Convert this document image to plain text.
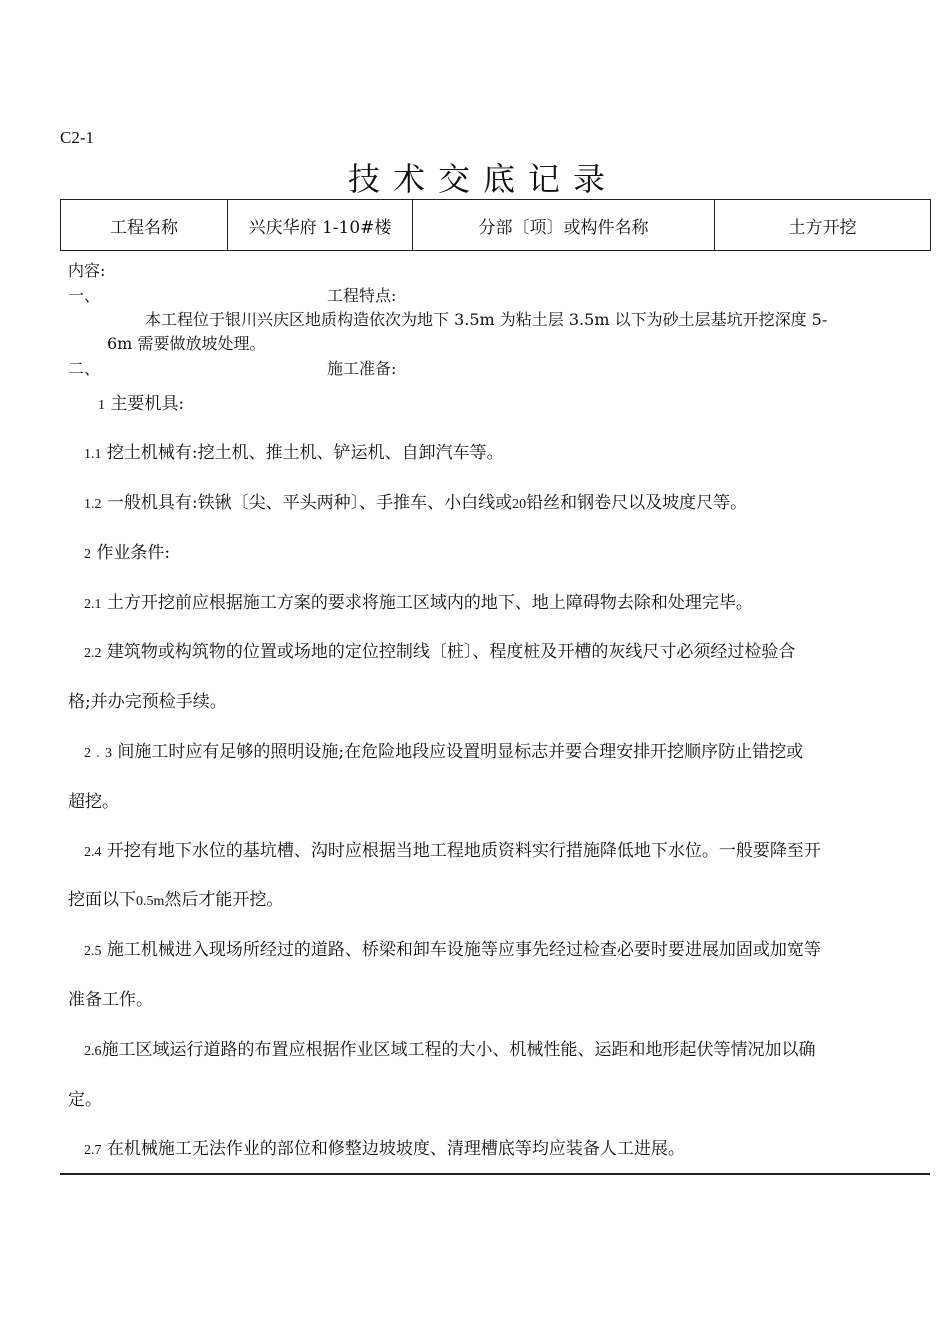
C2-1
技术交底记录
工程名称	兴庆华府 1-10#楼	分部〔项〕或构件名称	土方开挖
内容:
一、	工程特点:
本工程位于银川兴庆区地质构造依次为地下 3.5m 为粘土层 3.5m 以下为砂土层基坑开挖深度 5-
6m 需要做放坡处理。
二、	施工准备:
1 主要机具:
1.1 挖土机械有:挖土机、推土机、铲运机、自卸汽车等。
1.2 一般机具有:铁锹〔尖、平头两种〕、手推车、小白线或20铅丝和钢卷尺以及坡度尺等。
2 作业条件:
2.1 土方开挖前应根据施工方案的要求将施工区域内的地下、地上障碍物去除和处理完毕。
2.2 建筑物或构筑物的位置或场地的定位控制线〔桩〕、程度桩及开槽的灰线尺寸必须经过检验合
格;并办完预检手续。
2﹒3 间施工时应有足够的照明设施;在危险地段应设置明显标志并要合理安排开挖顺序防止错挖或
超挖。
2.4 开挖有地下水位的基坑槽、沟时应根据当地工程地质资料实行措施降低地下水位。一般要降至开
挖面以下0.5m然后才能开挖。
2.5 施工机械进入现场所经过的道路、桥梁和卸车设施等应事先经过检查必要时要进展加固或加宽等
准备工作。
2.6施工区域运行道路的布置应根据作业区域工程的大小、机械性能、运距和地形起伏等情况加以确
定。
2.7 在机械施工无法作业的部位和修整边坡坡度、清理槽底等均应装备人工进展。
